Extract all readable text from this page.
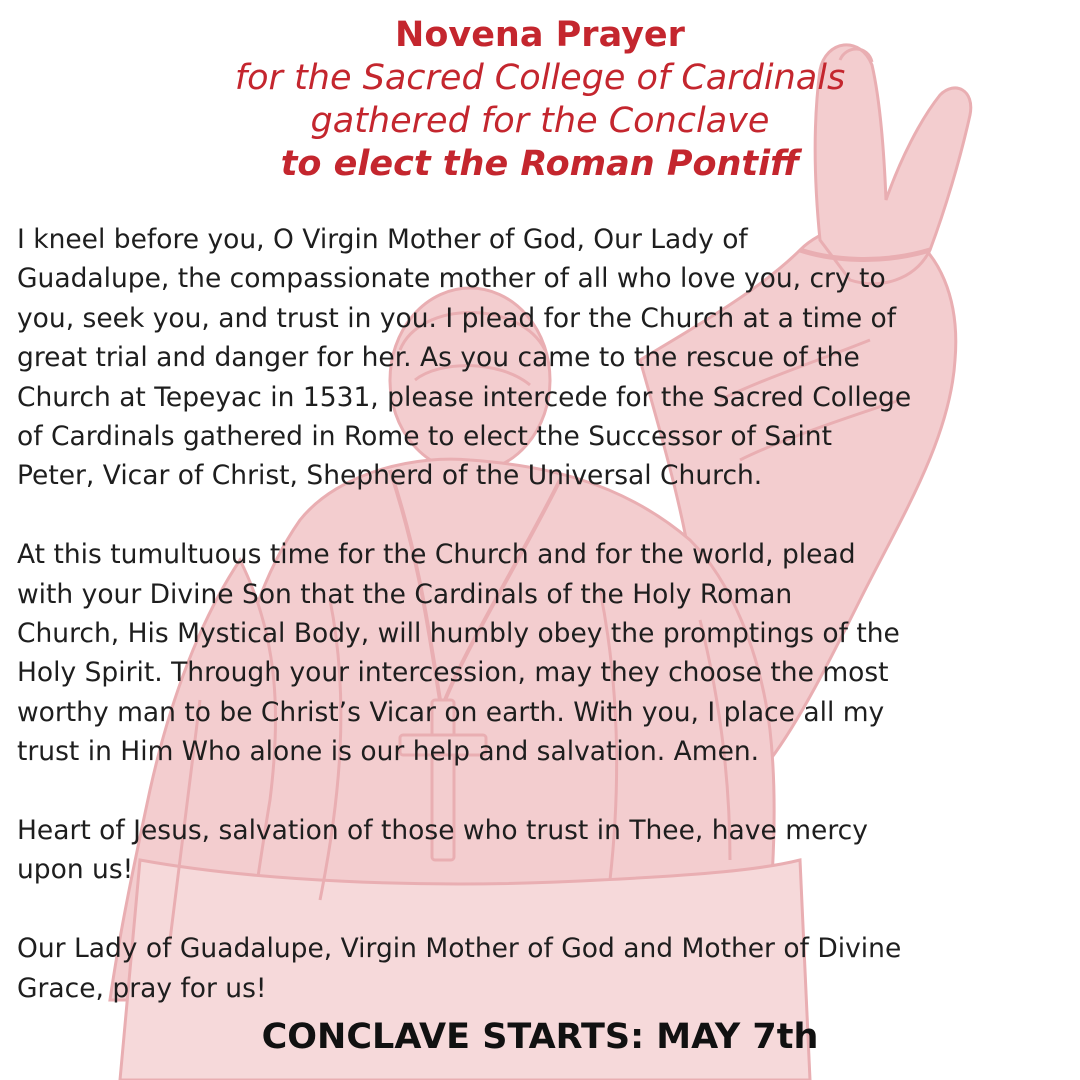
Novena Prayer
for the Sacred College of Cardinals
gathered for the Conclave
to elect the Roman Pontiff
I kneel before you, O Virgin Mother of God, Our Lady of
Guadalupe, the compassionate mother of all who love you, cry to
you, seek you, and trust in you. I plead for the Church at a time of
great trial and danger for her. As you came to the rescue of the
Church at Tepeyac in 1531, please intercede for the Sacred College
of Cardinals gathered in Rome to elect the Successor of Saint
Peter, Vicar of Christ, Shepherd of the Universal Church.
At this tumultuous time for the Church and for the world, plead
with your Divine Son that the Cardinals of the Holy Roman
Church, His Mystical Body, will humbly obey the promptings of the
Holy Spirit. Through your intercession, may they choose the most
worthy man to be Christ’s Vicar on earth. With you, I place all my
trust in Him Who alone is our help and salvation. Amen.
Heart of Jesus, salvation of those who trust in Thee, have mercy
upon us!
Our Lady of Guadalupe, Virgin Mother of God and Mother of Divine
Grace, pray for us!
CONCLAVE STARTS: MAY 7th
